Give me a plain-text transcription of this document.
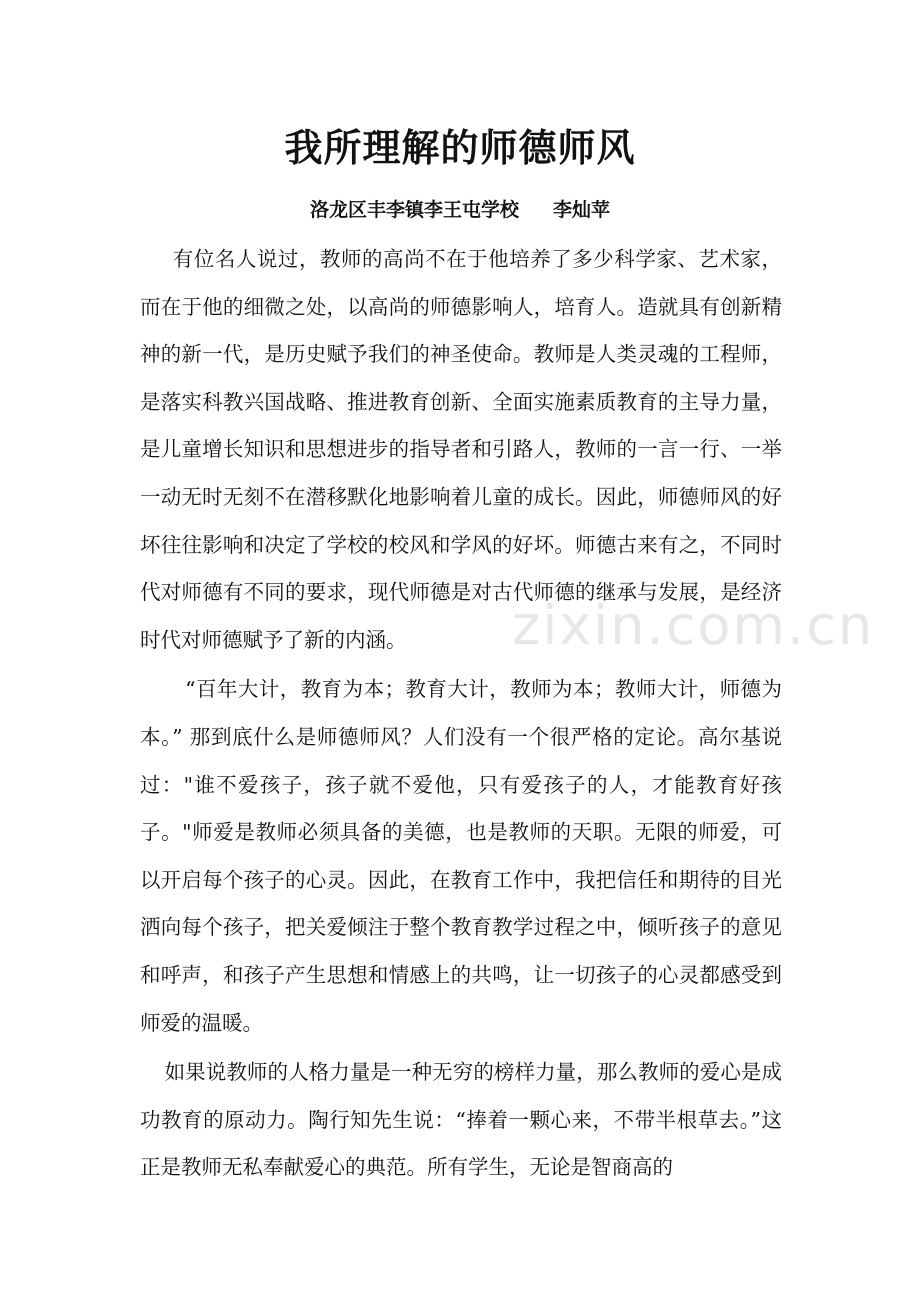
我所理解的师德师风
洛龙区丰李镇李王屯学校 李灿苹

有位名人说过，教师的高尚不在于他培养了多少科学家、艺术家，而在于他的细微之处，以高尚的师德影响人，培育人。造就具有创新精神的新一代，是历史赋予我们的神圣使命。教师是人类灵魂的工程师，是落实科教兴国战略、推进教育创新、全面实施素质教育的主导力量，是儿童增长知识和思想进步的指导者和引路人，教师的一言一行、一举一动无时无刻不在潜移默化地影响着儿童的成长。因此，师德师风的好坏往往影响和决定了学校的校风和学风的好坏。师德古来有之，不同时代对师德有不同的要求，现代师德是对古代师德的继承与发展，是经济时代对师德赋予了新的内涵。

“百年大计，教育为本；教育大计，教师为本；教师大计，师德为本。” 那到底什么是师德师风？人们没有一个很严格的定论。高尔基说过："谁不爱孩子，孩子就不爱他，只有爱孩子的人，才能教育好孩子。"师爱是教师必须具备的美德，也是教师的天职。无限的师爱，可以开启每个孩子的心灵。因此，在教育工作中，我把信任和期待的目光洒向每个孩子，把关爱倾注于整个教育教学过程之中，倾听孩子的意见和呼声，和孩子产生思想和情感上的共鸣，让一切孩子的心灵都感受到师爱的温暖。

如果说教师的人格力量是一种无穷的榜样力量，那么教师的爱心是成功教育的原动力。陶行知先生说：“捧着一颗心来，不带半根草去。”这正是教师无私奉献爱心的典范。所有学生，无论是智商高的

zixin.com.cn
